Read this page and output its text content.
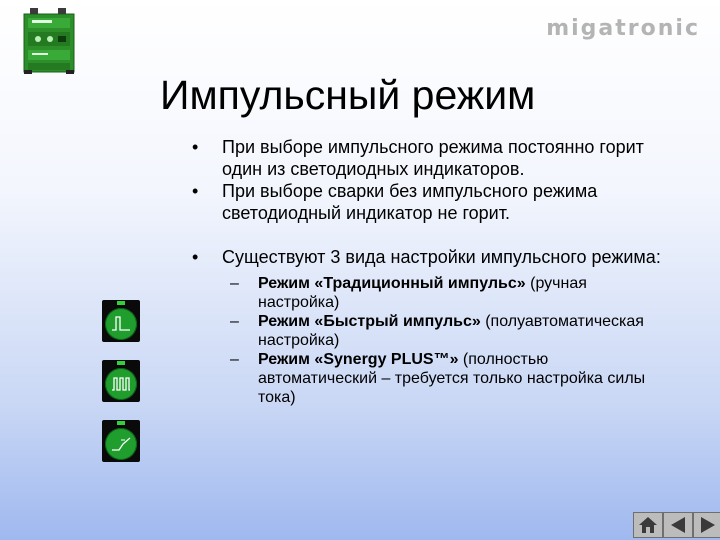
migatronic
Импульсный режим

• При выборе импульсного режима постоянно горит один из светодиодных индикаторов.

• При выборе сварки без импульсного режима светодиодный индикатор не горит.

• Существуют 3 вида настройки импульсного режима:

– Режим «Традиционный импульс» (ручная настройка)

– Режим «Быстрый импульс» (полуавтоматическая настройка)

– Режим «Synergy PLUS™» (полностью автоматический – требуется только настройка силы тока)
